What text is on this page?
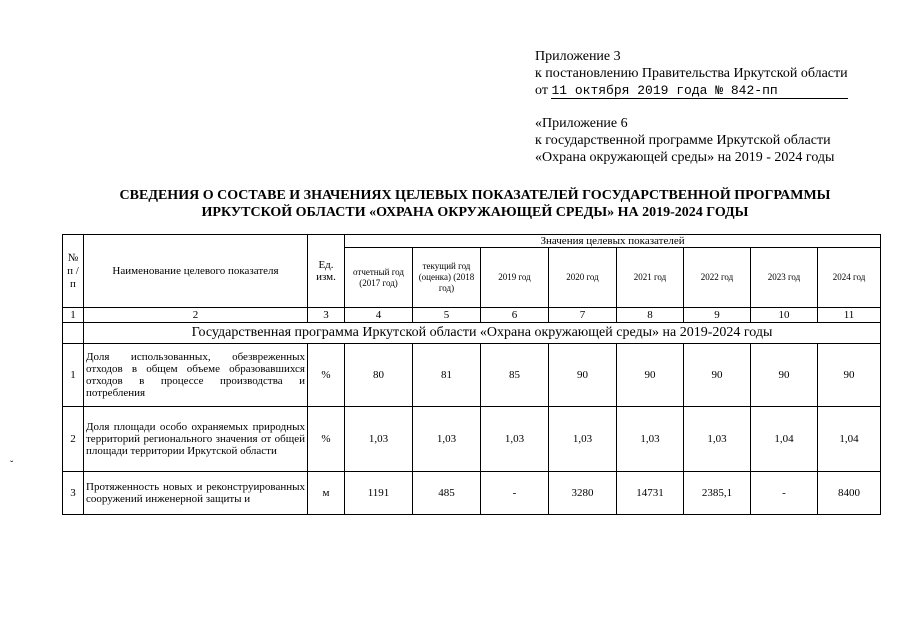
Приложение 3
к постановлению Правительства Иркутской области
от 11 октября 2019 года № 842-пп
«Приложение 6
к государственной программе Иркутской области
«Охрана окружающей среды» на 2019 - 2024 годы
СВЕДЕНИЯ О СОСТАВЕ И ЗНАЧЕНИЯХ ЦЕЛЕВЫХ ПОКАЗАТЕЛЕЙ ГОСУДАРСТВЕННОЙ ПРОГРАММЫ
ИРКУТСКОЙ ОБЛАСТИ «ОХРАНА ОКРУЖАЮЩЕЙ СРЕДЫ» НА 2019-2024 ГОДЫ
ˇ
№ п / п	Наименование целевого показателя	Ед. изм.	Значения целевых показателей							
			отчетный год (2017 год)	текущий год (оценка) (2018 год)	2019 год	2020 год	2021 год	2022 год	2023 год	2024 год
1	2	3	4	5	6	7	8	9	10	11
	Государственная программа Иркутской области «Охрана окружающей среды» на 2019-2024 годы									
1	Доля использованных, обезвреженных отходов в общем объеме образовавшихся отходов в процессе производства и потребления	%	80	81	85	90	90	90	90	90
2	Доля площади особо охраняемых природных территорий регионального значения от общей площади территории Иркутской области	%	1,03	1,03	1,03	1,03	1,03	1,03	1,04	1,04
3	Протяженность новых и реконструированных сооружений инженерной защиты и	м	1191	485	-	3280	14731	2385,1	-	8400
